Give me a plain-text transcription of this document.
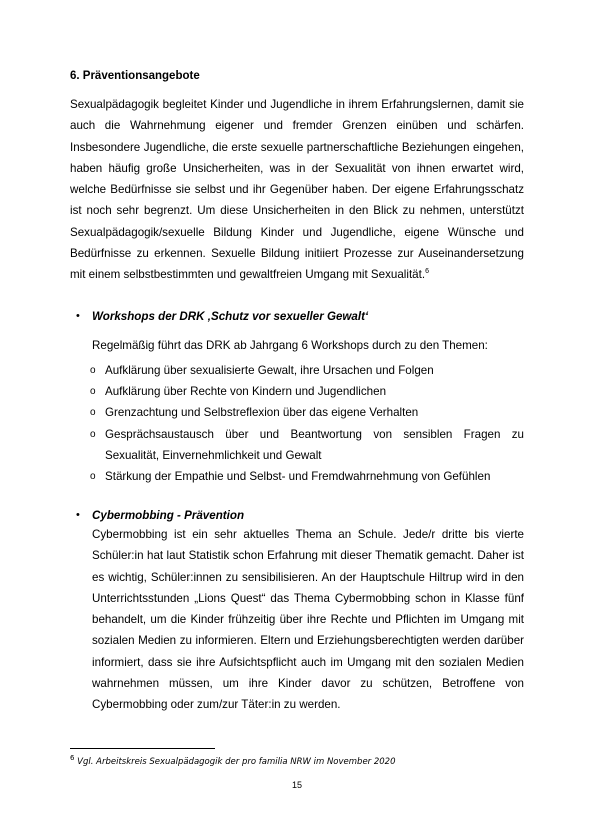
6. Präventionsangebote
Sexualpädagogik begleitet Kinder und Jugendliche in ihrem Erfahrungslernen, damit sie auch die Wahrnehmung eigener und fremder Grenzen einüben und schärfen. Insbesondere Jugendliche, die erste sexuelle partnerschaftliche Beziehungen eingehen, haben häufig große Unsicherheiten, was in der Sexualität von ihnen erwartet wird, welche Bedürfnisse sie selbst und ihr Gegenüber haben. Der eigene Erfahrungsschatz ist noch sehr begrenzt. Um diese Unsicherheiten in den Blick zu nehmen, unterstützt Sexualpädagogik/sexuelle Bildung Kinder und Jugendliche, eigene Wünsche und Bedürfnisse zu erkennen. Sexuelle Bildung initiiert Prozesse zur Auseinandersetzung mit einem selbstbestimmten und gewaltfreien Umgang mit Sexualität.$^6$
• Workshops der DRK ‚Schutz vor sexueller Gewalt‘
Regelmäßig führt das DRK ab Jahrgang 6 Workshops durch zu den Themen:
o Aufklärung über sexualisierte Gewalt, ihre Ursachen und Folgen
o Aufklärung über Rechte von Kindern und Jugendlichen
o Grenzachtung und Selbstreflexion über das eigene Verhalten
o Gesprächsaustausch über und Beantwortung von sensiblen Fragen zu Sexualität, Einvernehmlichkeit und Gewalt
o Stärkung der Empathie und Selbst- und Fremdwahrnehmung von Gefühlen
• Cybermobbing - Prävention
Cybermobbing ist ein sehr aktuelles Thema an Schule. Jede/r dritte bis vierte Schüler:in hat laut Statistik schon Erfahrung mit dieser Thematik gemacht. Daher ist es wichtig, Schüler:innen zu sensibilisieren. An der Hauptschule Hiltrup wird in den Unterrichtsstunden „Lions Quest“ das Thema Cybermobbing schon in Klasse fünf behandelt, um die Kinder frühzeitig über ihre Rechte und Pflichten im Umgang mit sozialen Medien zu informieren. Eltern und Erziehungsberechtigten werden darüber informiert, dass sie ihre Aufsichtspflicht auch im Umgang mit den sozialen Medien wahrnehmen müssen, um ihre Kinder davor zu schützen, Betroffene von Cybermobbing oder zum/zur Täter:in zu werden.
$^6$ Vgl. Arbeitskreis Sexualpädagogik der pro familia NRW im November 2020
15
